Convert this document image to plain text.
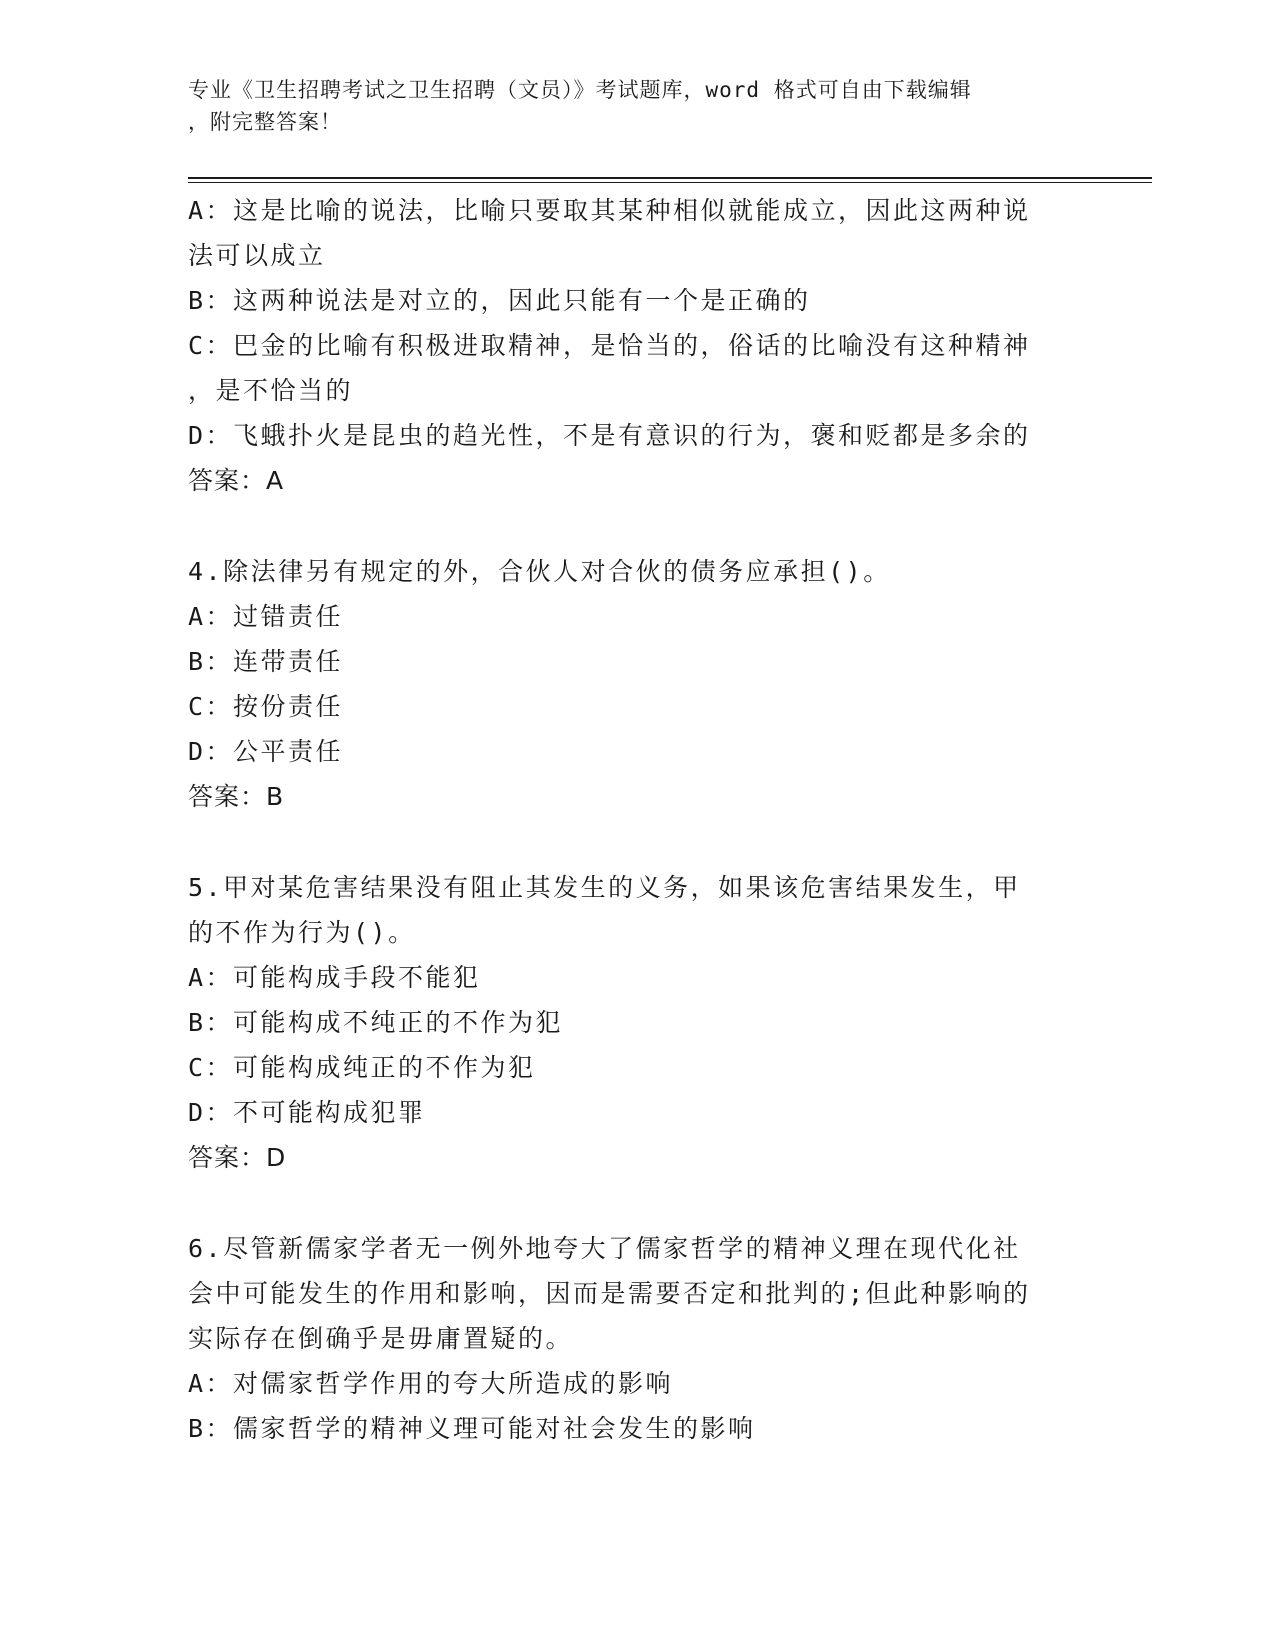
专业《卫生招聘考试之卫生招聘（文员）》考试题库，word 格式可自由下载编辑
，附完整答案！
A：这是比喻的说法，比喻只要取其某种相似就能成立，因此这两种说
法可以成立
B：这两种说法是对立的，因此只能有一个是正确的
C：巴金的比喻有积极进取精神，是恰当的，俗话的比喻没有这种精神
，是不恰当的
D：飞蛾扑火是昆虫的趋光性，不是有意识的行为，褒和贬都是多余的
答案：A
4.除法律另有规定的外，合伙人对合伙的债务应承担()。
A：过错责任
B：连带责任
C：按份责任
D：公平责任
答案：B
5.甲对某危害结果没有阻止其发生的义务，如果该危害结果发生，甲
的不作为行为()。
A：可能构成手段不能犯
B：可能构成不纯正的不作为犯
C：可能构成纯正的不作为犯
D：不可能构成犯罪
答案：D
6.尽管新儒家学者无一例外地夸大了儒家哲学的精神义理在现代化社
会中可能发生的作用和影响，因而是需要否定和批判的;但此种影响的
实际存在倒确乎是毋庸置疑的。
A：对儒家哲学作用的夸大所造成的影响
B：儒家哲学的精神义理可能对社会发生的影响
